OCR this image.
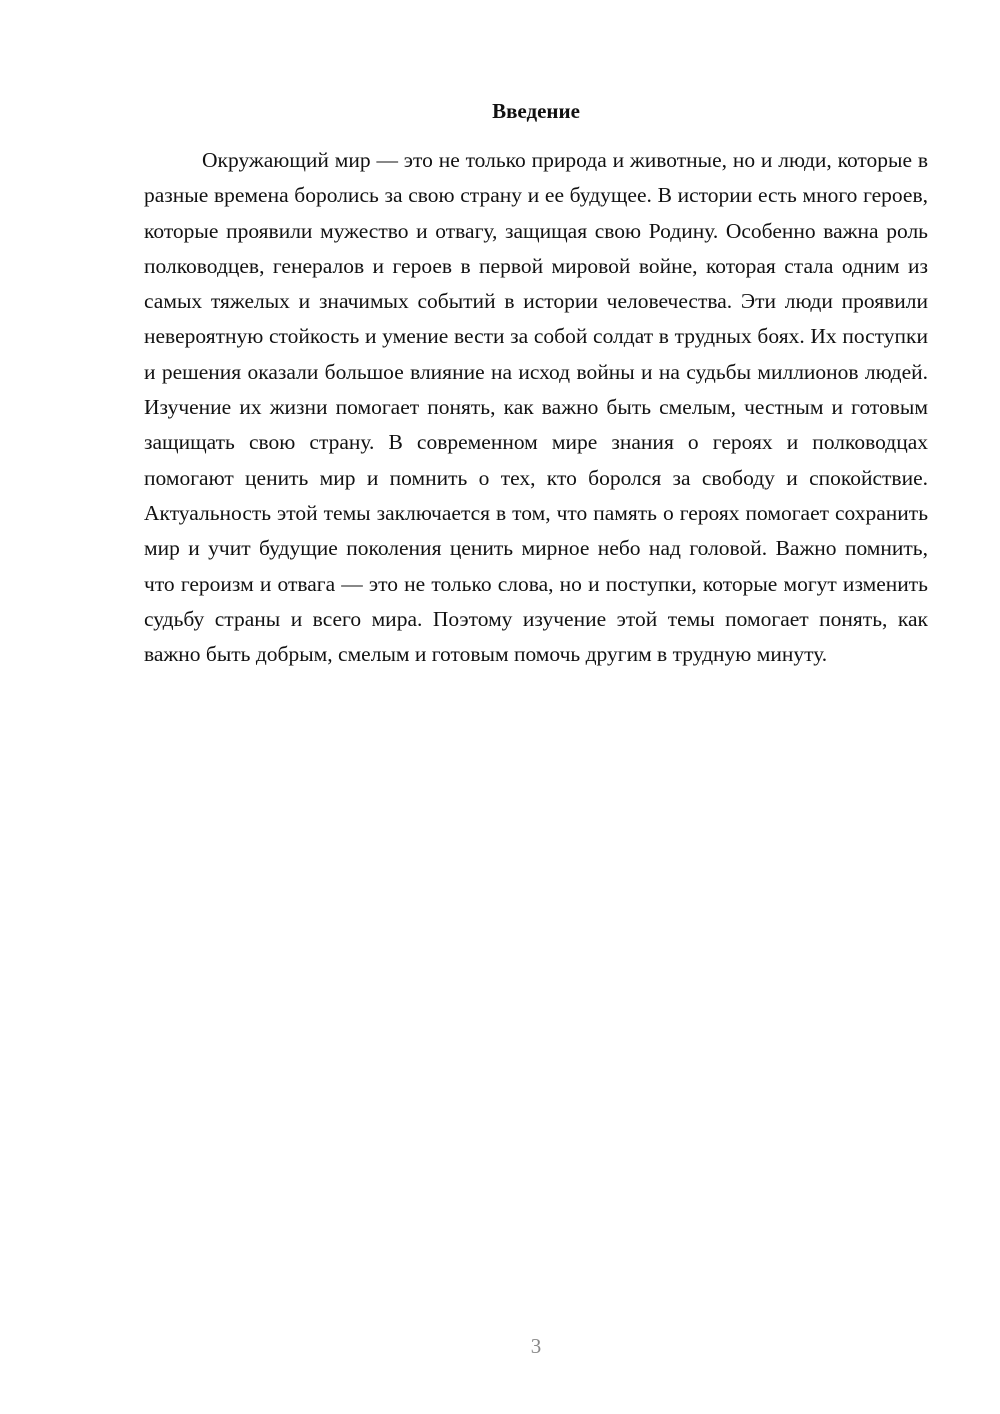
Введение

Окружающий мир — это не только природа и животные, но и люди, которые в разные времена боролись за свою страну и ее будущее. В истории есть много героев, которые проявили мужество и отвагу, защищая свою Родину. Особенно важна роль полководцев, генералов и героев в первой мировой войне, которая стала одним из самых тяжелых и значимых событий в истории человечества. Эти люди проявили невероятную стойкость и умение вести за собой солдат в трудных боях. Их поступки и решения оказали большое влияние на исход войны и на судьбы миллионов людей. Изучение их жизни помогает понять, как важно быть смелым, честным и готовым защищать свою страну. В современном мире знания о героях и полководцах помогают ценить мир и помнить о тех, кто боролся за свободу и спокойствие. Актуальность этой темы заключается в том, что память о героях помогает сохранить мир и учит будущие поколения ценить мирное небо над головой. Важно помнить, что героизм и отвага — это не только слова, но и поступки, которые могут изменить судьбу страны и всего мира. Поэтому изучение этой темы помогает понять, как важно быть добрым, смелым и готовым помочь другим в трудную минуту.

3
